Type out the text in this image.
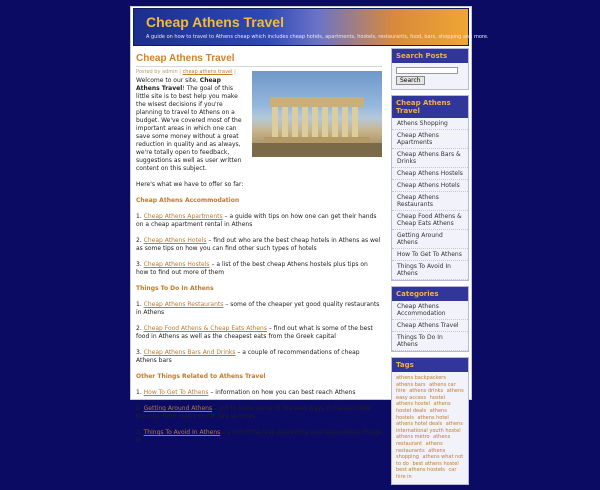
Cheap Athens Travel
A guide on how to travel to Athens cheap which includes cheap hotels, apartments, hostels, restaurants, food, bars, shopping and more.
Cheap Athens Travel
Posted by admin | cheap athens travel |

Welcome to our site, Cheap Athens Travel! The goal of this little site is to best help you make the wisest decisions if you're planning to travel to Athens on a budget. We've covered most of the important areas in which one can save some money without a great reduction in quality and as always, we're totally open to feedback, suggestions as well as user written content on this subject.

Here's what we have to offer so far:

Cheap Athens Accommodation

1. Cheap Athens Apartments – a guide with tips on how one can get their hands on a cheap apartment rental in Athens

2. Cheap Athens Hotels – find out who are the best cheap hotels in Athens as wel as some tips on how you can find other such types of hotels

3. Cheap Athens Hostels – a list of the best cheap Athens hostels plus tips on how to find out more of them

Things To Do In Athens

1. Cheap Athens Restaurants – some of the cheaper yet good quality restaurants in Athens

2. Cheap Food Athens & Cheap Eats Athens – find out what is some of the best food in Athens as well as the cheapest eats from the Greek capital

3. Cheap Athens Bars And Drinks – a couple of recommendations of cheap Athens bars

Other Things Related to Athens Travel

1. How To Get To Athens – information on how you can best reach Athens

2. Getting Around Athens – get to know some of the best ways to travel inside the city, from metro to car hire services

3. Things To Avoid In Athens – a list of the less interesting and less positive things in

Search Posts
Search
Cheap Athens Travel
Athens Shopping
Cheap Athens Apartments
Cheap Athens Bars & Drinks
Cheap Athens Hostels
Cheap Athens Hotels
Cheap Athens Restaurants
Cheap Food Athens & Cheap Eats Athens
Getting Around Athens
How To Get To Athens
Things To Avoid In Athens
Categories
Cheap Athens Accommodation
Cheap Athens Travel
Things To Do In Athens
Tags
athens backpackers athens bars athens car hire athens drinks athens easy access hostel athens hostel athens hostel deals athens hostels athens hotel athens hotel deals athens international youth hostel athens metro athens restaurant athens restaurants athens shopping athens what not to do best athens hostel best athens hostels car hire in
